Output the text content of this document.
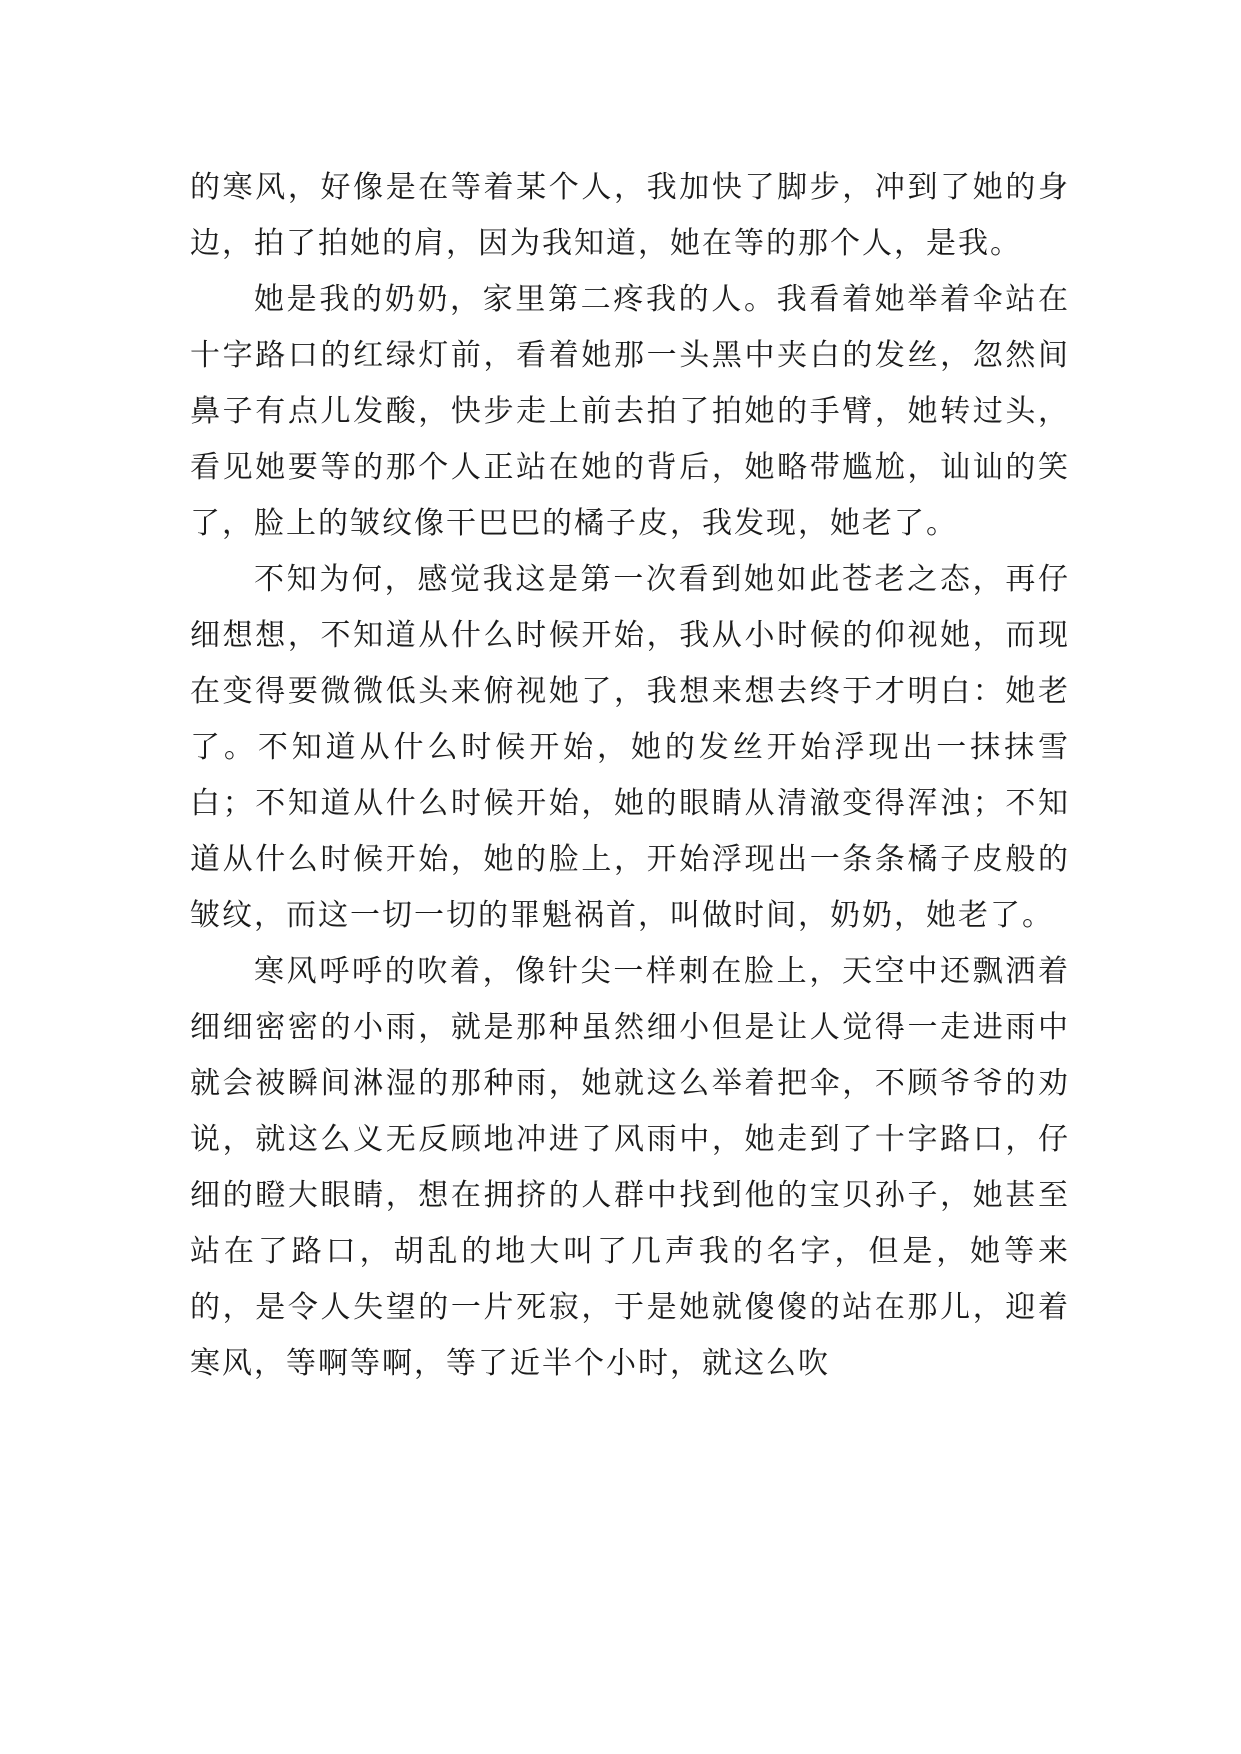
的寒风，好像是在等着某个人，我加快了脚步，冲到了她的身边，拍了拍她的肩，因为我知道，她在等的那个人，是我。

她是我的奶奶，家里第二疼我的人。我看着她举着伞站在十字路口的红绿灯前，看着她那一头黑中夹白的发丝，忽然间鼻子有点儿发酸，快步走上前去拍了拍她的手臂，她转过头，看见她要等的那个人正站在她的背后，她略带尴尬，讪讪的笑了，脸上的皱纹像干巴巴的橘子皮，我发现，她老了。

不知为何，感觉我这是第一次看到她如此苍老之态，再仔细想想，不知道从什么时候开始，我从小时候的仰视她，而现在变得要微微低头来俯视她了，我想来想去终于才明白：她老了。不知道从什么时候开始，她的发丝开始浮现出一抹抹雪白；不知道从什么时候开始，她的眼睛从清澈变得浑浊；不知道从什么时候开始，她的脸上，开始浮现出一条条橘子皮般的皱纹，而这一切一切的罪魁祸首，叫做时间，奶奶，她老了。

寒风呼呼的吹着，像针尖一样刺在脸上，天空中还飘洒着细细密密的小雨，就是那种虽然细小但是让人觉得一走进雨中就会被瞬间淋湿的那种雨，她就这么举着把伞，不顾爷爷的劝说，就这么义无反顾地冲进了风雨中，她走到了十字路口，仔细的瞪大眼睛，想在拥挤的人群中找到他的宝贝孙子，她甚至站在了路口，胡乱的地大叫了几声我的名字，但是，她等来的，是令人失望的一片死寂，于是她就傻傻的站在那儿，迎着寒风，等啊等啊，等了近半个小时，就这么吹
